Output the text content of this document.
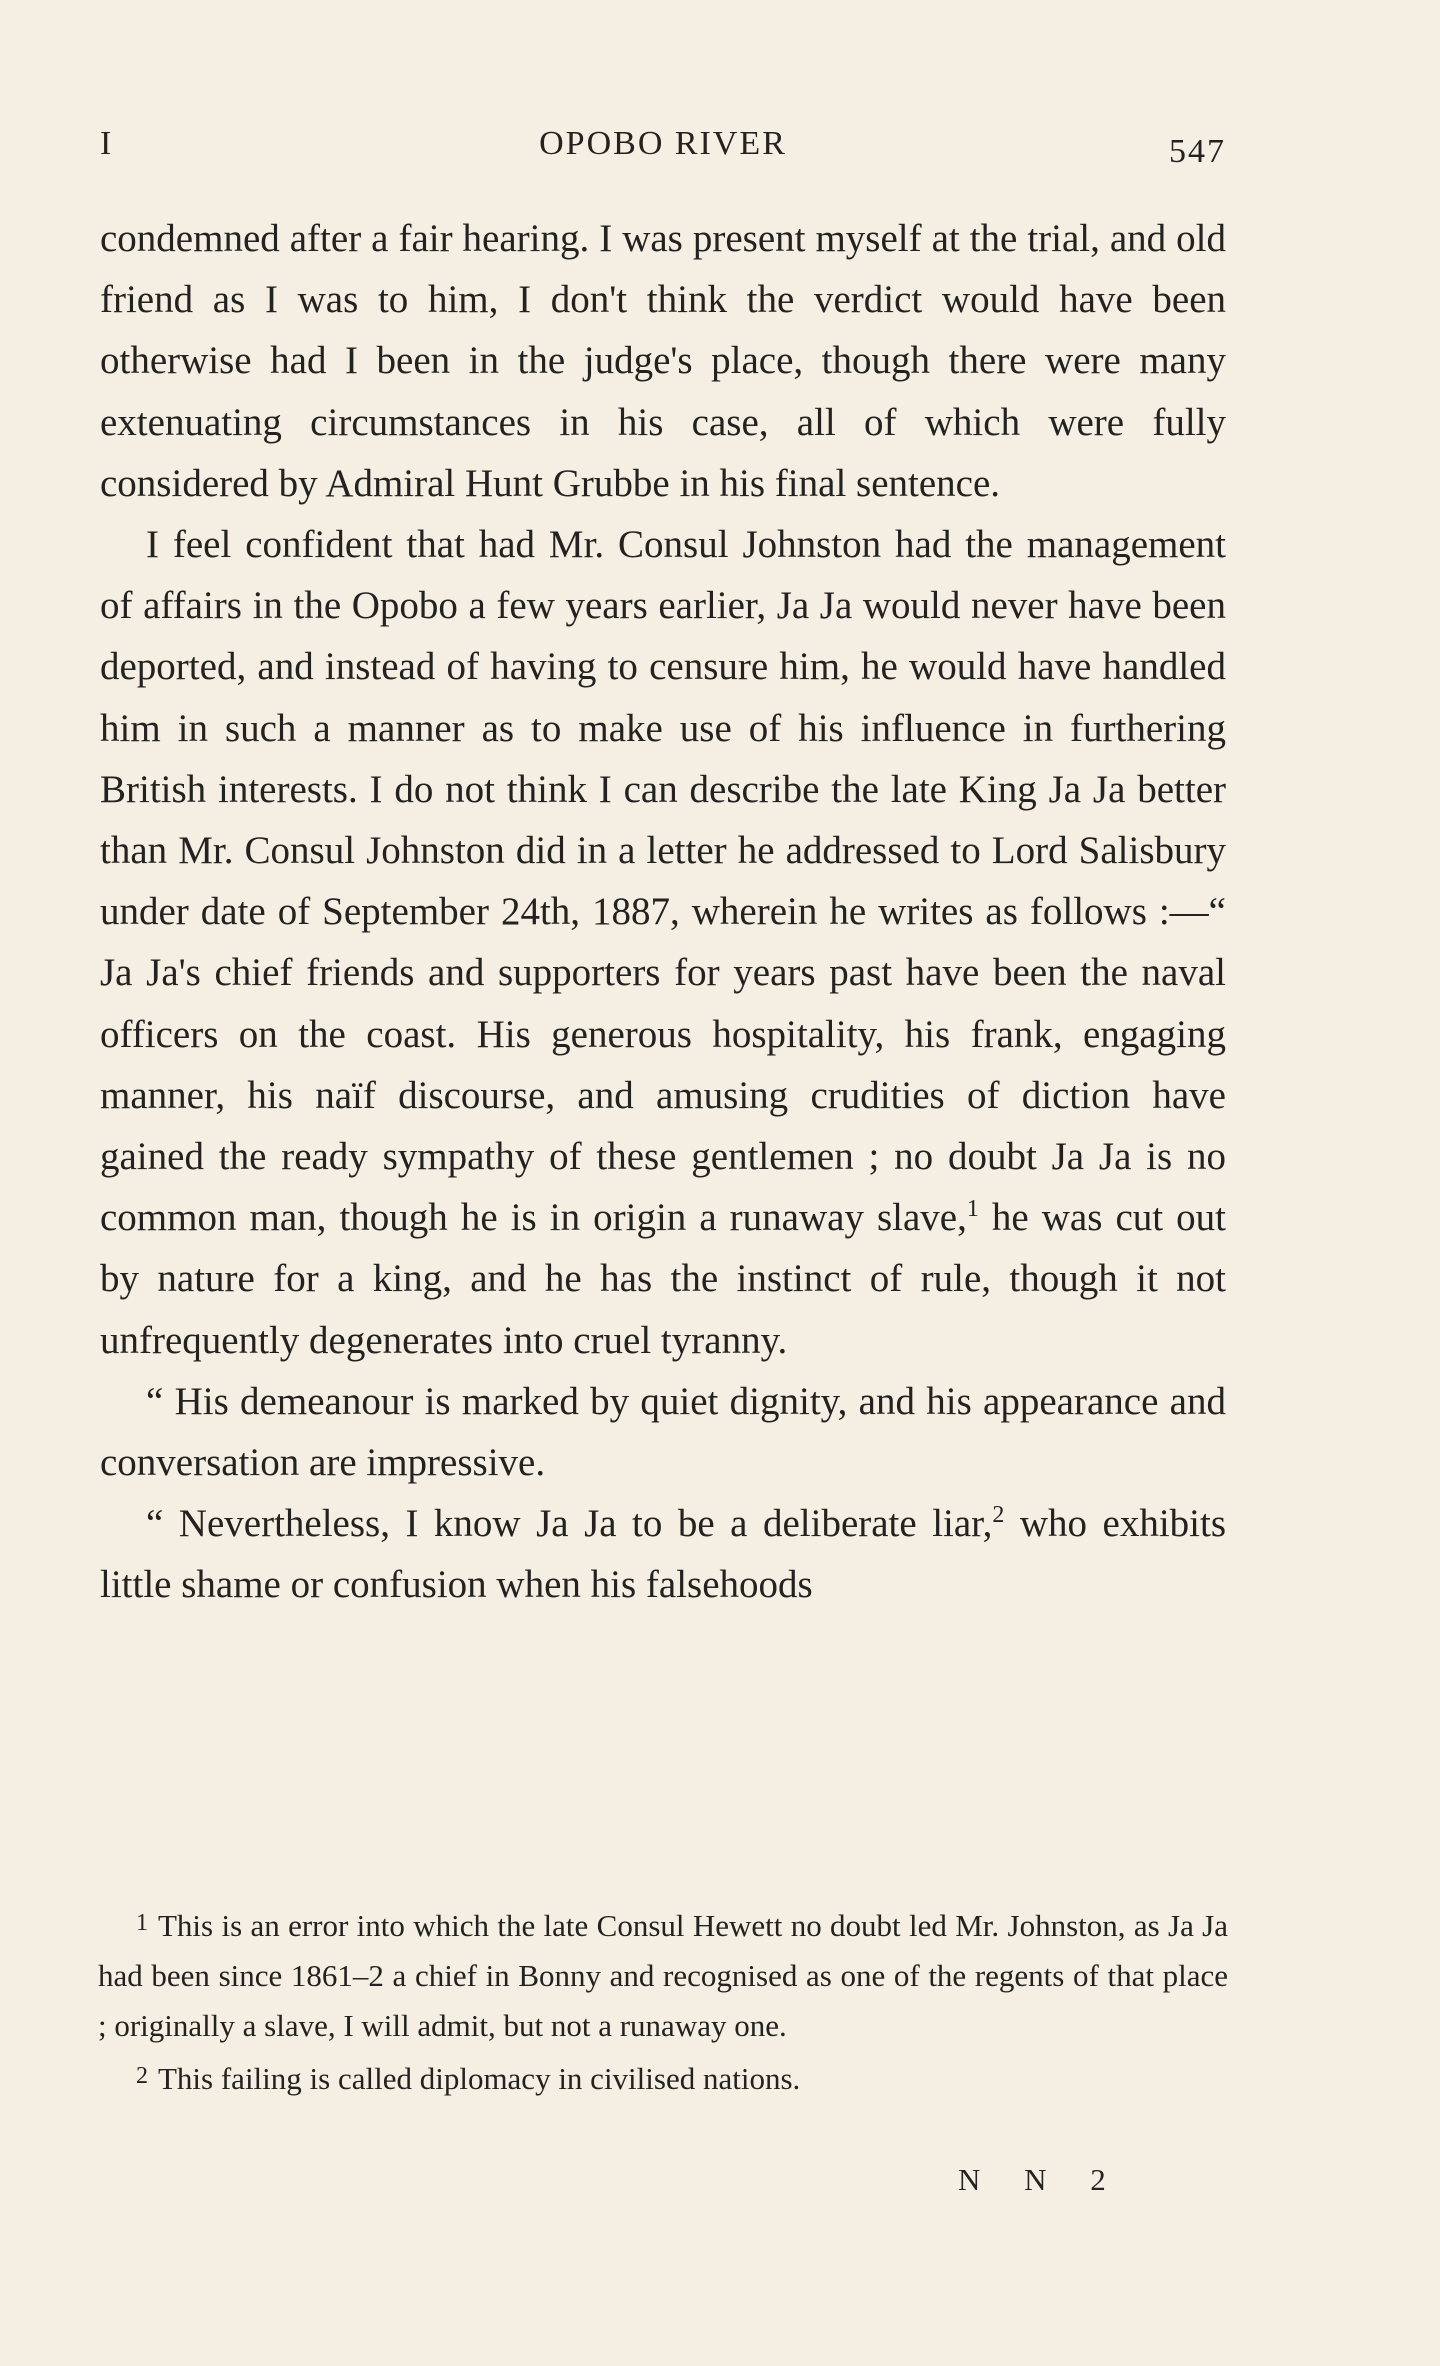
I	OPOBO RIVER	547

condemned after a fair hearing. I was present myself at the trial, and old friend as I was to him, I don't think the verdict would have been otherwise had I been in the judge's place, though there were many extenuating circumstances in his case, all of which were fully considered by Admiral Hunt Grubbe in his final sentence.

I feel confident that had Mr. Consul Johnston had the management of affairs in the Opobo a few years earlier, Ja Ja would never have been deported, and instead of having to censure him, he would have handled him in such a manner as to make use of his influence in furthering British interests. I do not think I can describe the late King Ja Ja better than Mr. Consul Johnston did in a letter he addressed to Lord Salisbury under date of September 24th, 1887, wherein he writes as follows :—“ Ja Ja's chief friends and supporters for years past have been the naval officers on the coast. His generous hospitality, his frank, engaging manner, his naïf discourse, and amusing crudities of diction have gained the ready sympathy of these gentlemen ; no doubt Ja Ja is no common man, though he is in origin a runaway slave,$^1$ he was cut out by nature for a king, and he has the instinct of rule, though it not unfrequently degenerates into cruel tyranny.

“ His demeanour is marked by quiet dignity, and his appearance and conversation are impressive.

“ Nevertheless, I know Ja Ja to be a deliberate liar,$^2$ who exhibits little shame or confusion when his falsehoods

1 This is an error into which the late Consul Hewett no doubt led Mr. Johnston, as Ja Ja had been since 1861–2 a chief in Bonny and recognised as one of the regents of that place ; originally a slave, I will admit, but not a runaway one.

2 This failing is called diplomacy in civilised nations.

N N 2
